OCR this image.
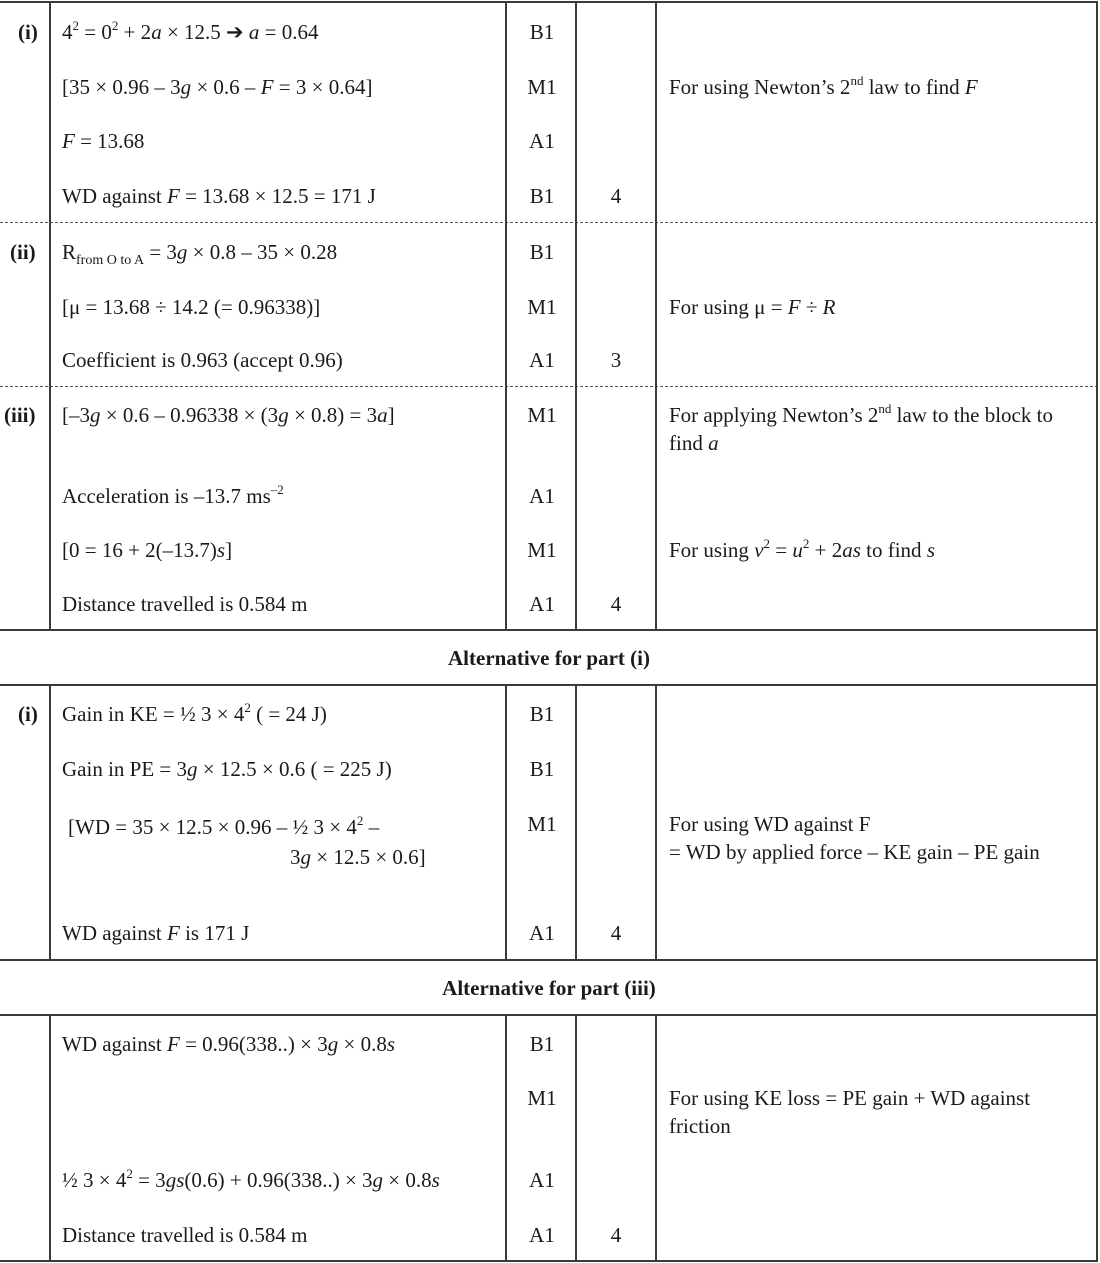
(i) $4^2 = 0^2 + 2a \times 12.5$ ➔ a = 0.64	B1
[35 × 0.96 – 3g × 0.6 – F = 3 × 0.64]	M1	For using Newton’s 2nd law to find F
F = 13.68	A1
WD against F = 13.68 × 12.5 = 171 J	B1	4
(ii) $R_{from O to A} = 3g \times 0.8 - 35 \times 0.28$	B1
[μ = 13.68 ÷ 14.2 (= 0.96338)]	M1	For using μ = F ÷ R
Coefficient is 0.963 (accept 0.96)	A1	3
(iii) [–3g × 0.6 – 0.96338 × (3g × 0.8) = 3a]	M1	For applying Newton’s 2nd law to the block to find a
Acceleration is –13.7 $ms^{-2}$	A1
[0 = 16 + 2(–13.7)s]	M1	For using $v^2 = u^2 + 2as$ to find s
Distance travelled is 0.584 m	A1	4
Alternative for part (i)
(i) Gain in KE = ½ $3 \times 4^2$ ( = 24 J)	B1
Gain in PE = 3g × 12.5 × 0.6 ( = 225 J)	B1
[WD = 35 × 12.5 × 0.96 – ½ $3 \times 4^2$ –
3g × 12.5 × 0.6]
M1	For using WD against F
= WD by applied force – KE gain – PE gain
WD against F is 171 J	A1	4
Alternative for part (iii)
WD against F = 0.96(338..) × 3g × 0.8s	B1
M1	For using KE loss = PE gain + WD against friction
½ $3 \times 4^2 = 3gs(0.6) + 0.96(338..) \times 3g \times 0.8s$	A1
Distance travelled is 0.584 m	A1	4
